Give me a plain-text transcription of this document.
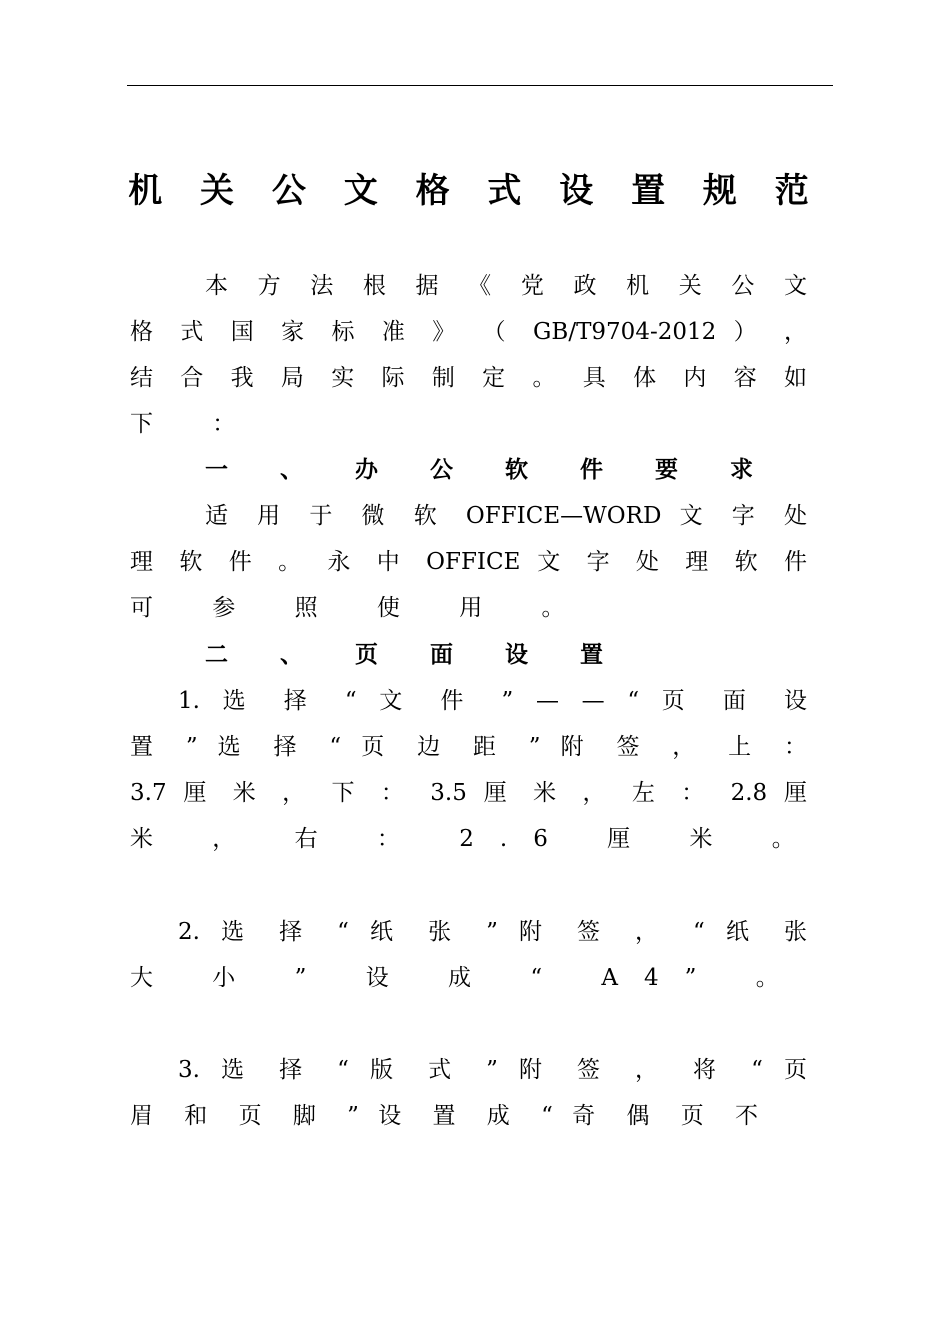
机 关 公 文 格 式 设 置 规 范
本 方 法 根 据 《 党 政 机 关 公 文
格 式 国 家 标 准 》 （ GB/T9704-2012 ） ，
结 合 我 局 实 际 制 定 。 具 体 内 容 如
下 ：
一 、 办 公 软 件 要 求
适 用 于 微 软 OFFICE—WORD 文 字 处
理 软 件 。 永 中 OFFICE 文 字 处 理 软 件
可 参 照 使 用 。
二 、 页 面 设 置
1. 选 择 “ 文 件 ” — — “ 页 面 设
置 ” 选 择 “ 页 边 距 ” 附 签 ， 上 ：
3.7 厘 米 ， 下 ： 3.5 厘 米 ， 左 ： 2.8 厘
米 ， 右 ： 2.6 厘 米 。
2. 选 择 “ 纸 张 ” 附 签 ， “ 纸 张
大 小 ” 设 成 “ A4” 。
3. 选 择 “ 版 式 ” 附 签 ， 将 “ 页
眉 和 页 脚 ” 设 置 成 “ 奇 偶 页 不
